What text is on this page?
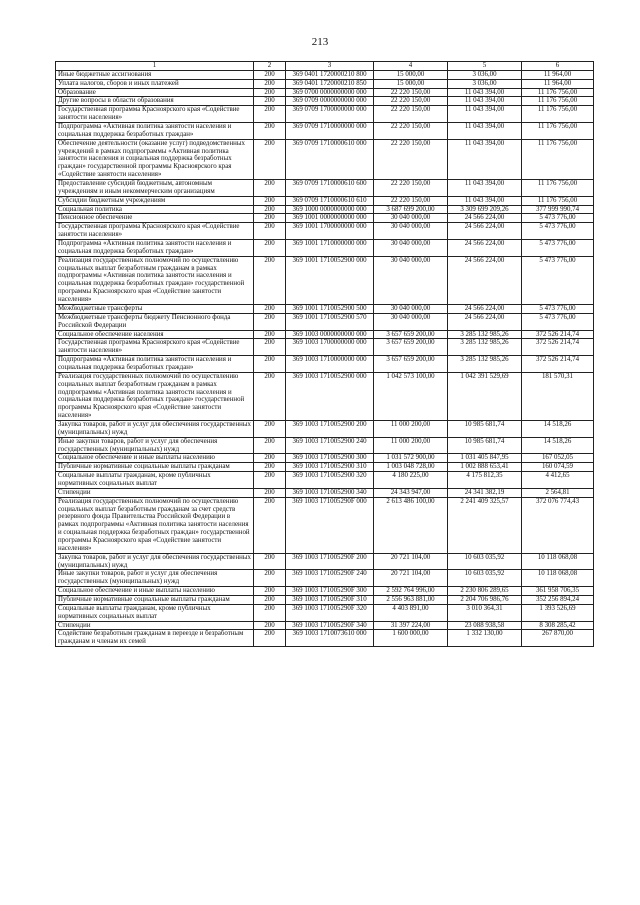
213
1	2	3	4	5	6
Иные бюджетные ассигнования	200	369 0401 1720000210 800	15 000,00	3 036,00	11 964,00
Уплата налогов, сборов и иных платежей	200	369 0401 1720000210 850	15 000,00	3 036,00	11 964,00
Образование	200	369 0700 0000000000 000	22 220 150,00	11 043 394,00	11 176 756,00
Другие вопросы в области образования	200	369 0709 0000000000 000	22 220 150,00	11 043 394,00	11 176 756,00
Государственная программа Красноярского края «Содействие занятости населения»	200	369 0709 1700000000 000	22 220 150,00	11 043 394,00	11 176 756,00
Подпрограмма «Активная политика занятости населения и социальная поддержка безработных граждан»	200	369 0709 1710000000 000	22 220 150,00	11 043 394,00	11 176 756,00
Обеспечение деятельности (оказание услуг) подведомственных учреждений в рамках подпрограммы «Активная политика занятости населения и социальная поддержка безработных граждан» государственной программы Красноярского края «Содействие занятости населения»	200	369 0709 1710000610 000	22 220 150,00	11 043 394,00	11 176 756,00
Предоставление субсидий бюджетным, автономным учреждениям и иным некоммерческим организациям	200	369 0709 1710000610 600	22 220 150,00	11 043 394,00	11 176 756,00
Субсидии бюджетным учреждениям	200	369 0709 1710000610 610	22 220 150,00	11 043 394,00	11 176 756,00
Социальная политика	200	369 1000 0000000000 000	3 687 699 200,00	3 309 699 209,26	377 999 990,74
Пенсионное обеспечение	200	369 1001 0000000000 000	30 040 000,00	24 566 224,00	5 473 776,00
Государственная программа Красноярского края «Содействие занятости населения»	200	369 1001 1700000000 000	30 040 000,00	24 566 224,00	5 473 776,00
Подпрограмма «Активная политика занятости населения и социальная поддержка безработных граждан»	200	369 1001 1710000000 000	30 040 000,00	24 566 224,00	5 473 776,00
Реализация государственных полномочий по осуществлению социальных выплат безработным гражданам в рамках подпрограммы «Активная политика занятости населения и социальная поддержка безработных граждан» государственной программы Красноярского края «Содействие занятости населения»	200	369 1001 1710052900 000	30 040 000,00	24 566 224,00	5 473 776,00
Межбюджетные трансферты	200	369 1001 1710052900 500	30 040 000,00	24 566 224,00	5 473 776,00
Межбюджетные трансферты бюджету Пенсионного фонда Российской Федерации	200	369 1001 1710052900 570	30 040 000,00	24 566 224,00	5 473 776,00
Социальное обеспечение населения	200	369 1003 0000000000 000	3 657 659 200,00	3 285 132 985,26	372 526 214,74
Государственная программа Красноярского края «Содействие занятости населения»	200	369 1003 1700000000 000	3 657 659 200,00	3 285 132 985,26	372 526 214,74
Подпрограмма «Активная политика занятости населения и социальная поддержка безработных граждан»	200	369 1003 1710000000 000	3 657 659 200,00	3 285 132 985,26	372 526 214,74
Реализация государственных полномочий по осуществлению социальных выплат безработным гражданам в рамках подпрограммы «Активная политика занятости населения и социальная поддержка безработных граждан» государственной программы Красноярского края «Содействие занятости населения»	200	369 1003 1710052900 000	1 042 573 100,00	1 042 391 529,69	181 570,31
Закупка товаров, работ и услуг для обеспечения государственных (муниципальных) нужд	200	369 1003 1710052900 200	11 000 200,00	10 985 681,74	14 518,26
Иные закупки товаров, работ и услуг для обеспечения государственных (муниципальных) нужд	200	369 1003 1710052900 240	11 000 200,00	10 985 681,74	14 518,26
Социальное обеспечение и иные выплаты населению	200	369 1003 1710052900 300	1 031 572 900,00	1 031 405 847,95	167 052,05
Публичные нормативные социальные выплаты гражданам	200	369 1003 1710052900 310	1 003 048 728,00	1 002 888 653,41	160 074,59
Социальные выплаты гражданам, кроме публичных нормативных социальных выплат	200	369 1003 1710052900 320	4 180 225,00	4 175 812,35	4 412,65
Стипендии	200	369 1003 1710052900 340	24 343 947,00	24 341 382,19	2 564,81
Реализация государственных полномочий по осуществлению социальных выплат безработным гражданам за счет средств резервного фонда Правительства Российской Федерации в рамках подпрограммы «Активная политика занятости населения и социальная поддержка безработных граждан» государственной программы Красноярского края «Содействие занятости населения»	200	369 1003 171005290F 000	2 613 486 100,00	2 241 409 325,57	372 076 774,43
Закупка товаров, работ и услуг для обеспечения государственных (муниципальных) нужд	200	369 1003 171005290F 200	20 721 104,00	10 603 035,92	10 118 068,08
Иные закупки товаров, работ и услуг для обеспечения государственных (муниципальных) нужд	200	369 1003 171005290F 240	20 721 104,00	10 603 035,92	10 118 068,08
Социальное обеспечение и иные выплаты населению	200	369 1003 171005290F 300	2 592 764 996,00	2 230 806 289,65	361 958 706,35
Публичные нормативные социальные выплаты гражданам	200	369 1003 171005290F 310	2 556 963 881,00	2 204 706 986,76	352 256 894,24
Социальные выплаты гражданам, кроме публичных нормативных социальных выплат	200	369 1003 171005290F 320	4 403 891,00	3 010 364,31	1 393 526,69
Стипендии	200	369 1003 171005290F 340	31 397 224,00	23 088 938,58	8 308 285,42
Содействие безработным гражданам в переезде и безработным гражданам и членам их семей	200	369 1003 1710073610 000	1 600 000,00	1 332 130,00	267 870,00
